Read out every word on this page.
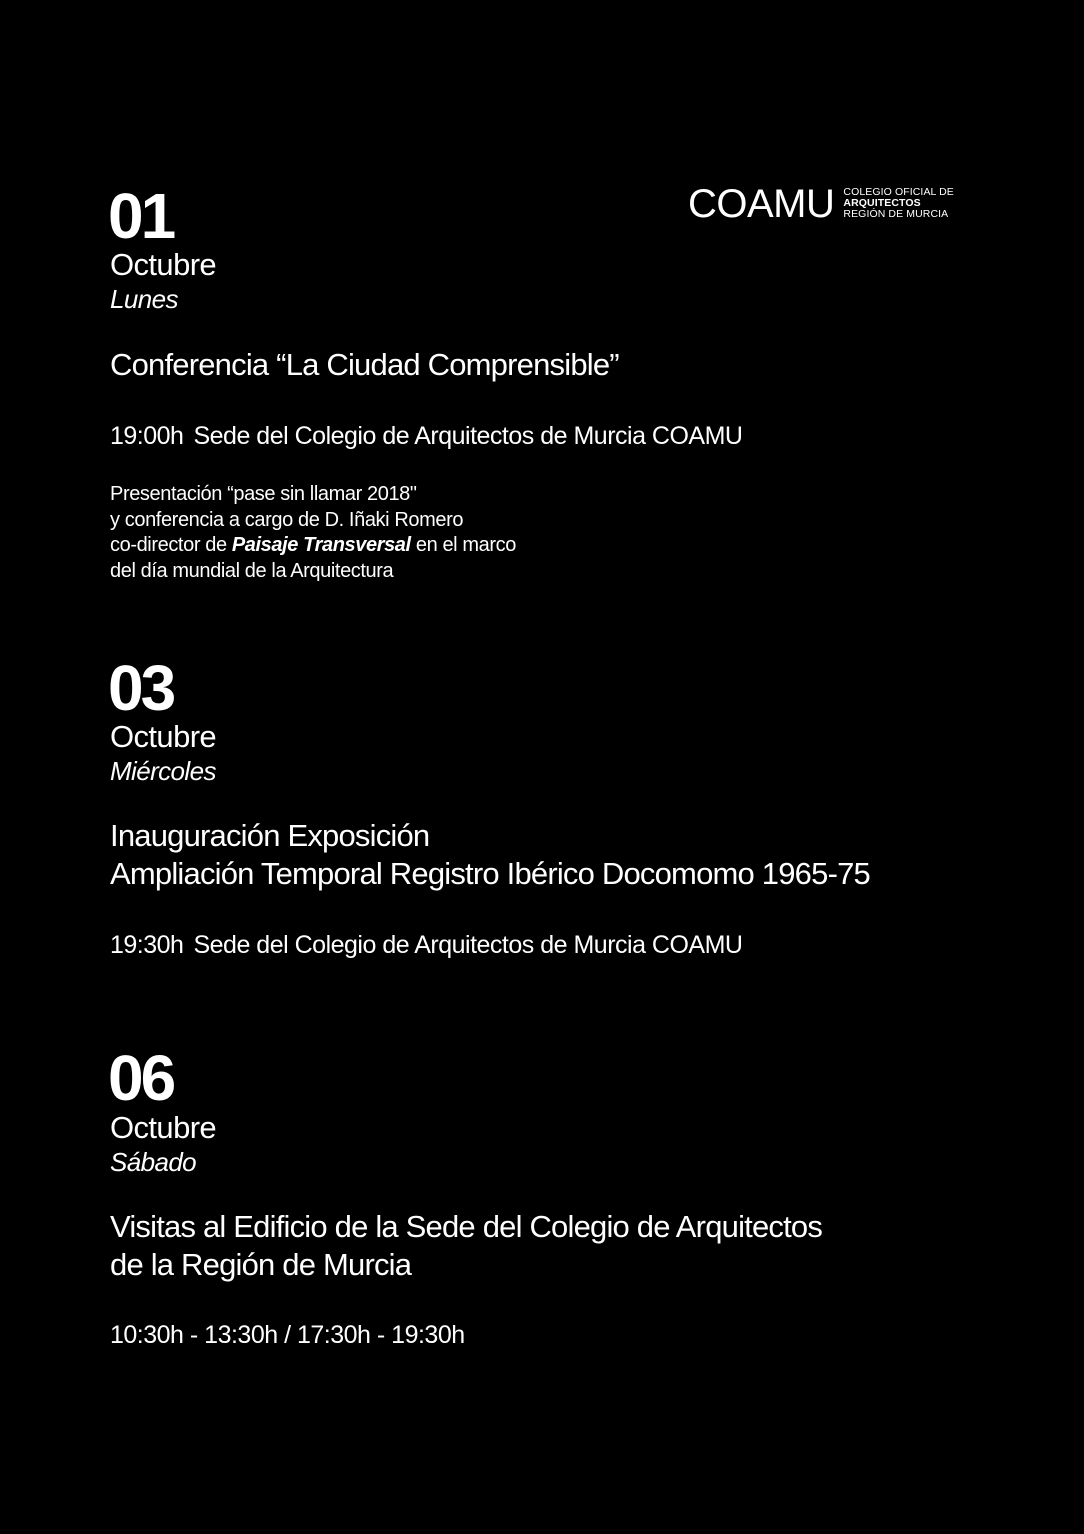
COAMU COLEGIO OFICIAL DE
ARQUITECTOS
REGIÓN DE MURCIA
01
Octubre
Lunes
Conferencia “La Ciudad Comprensible”
19:00h Sede del Colegio de Arquitectos de Murcia COAMU
Presentación “pase sin llamar 2018"
y conferencia a cargo de D. Iñaki Romero
co-director de Paisaje Transversal en el marco
del día mundial de la Arquitectura
03
Octubre
Miércoles
Inauguración Exposición
Ampliación Temporal Registro Ibérico Docomomo 1965-75
19:30h Sede del Colegio de Arquitectos de Murcia COAMU
06
Octubre
Sábado
Visitas al Edificio de la Sede del Colegio de Arquitectos
de la Región de Murcia
10:30h - 13:30h / 17:30h - 19:30h
